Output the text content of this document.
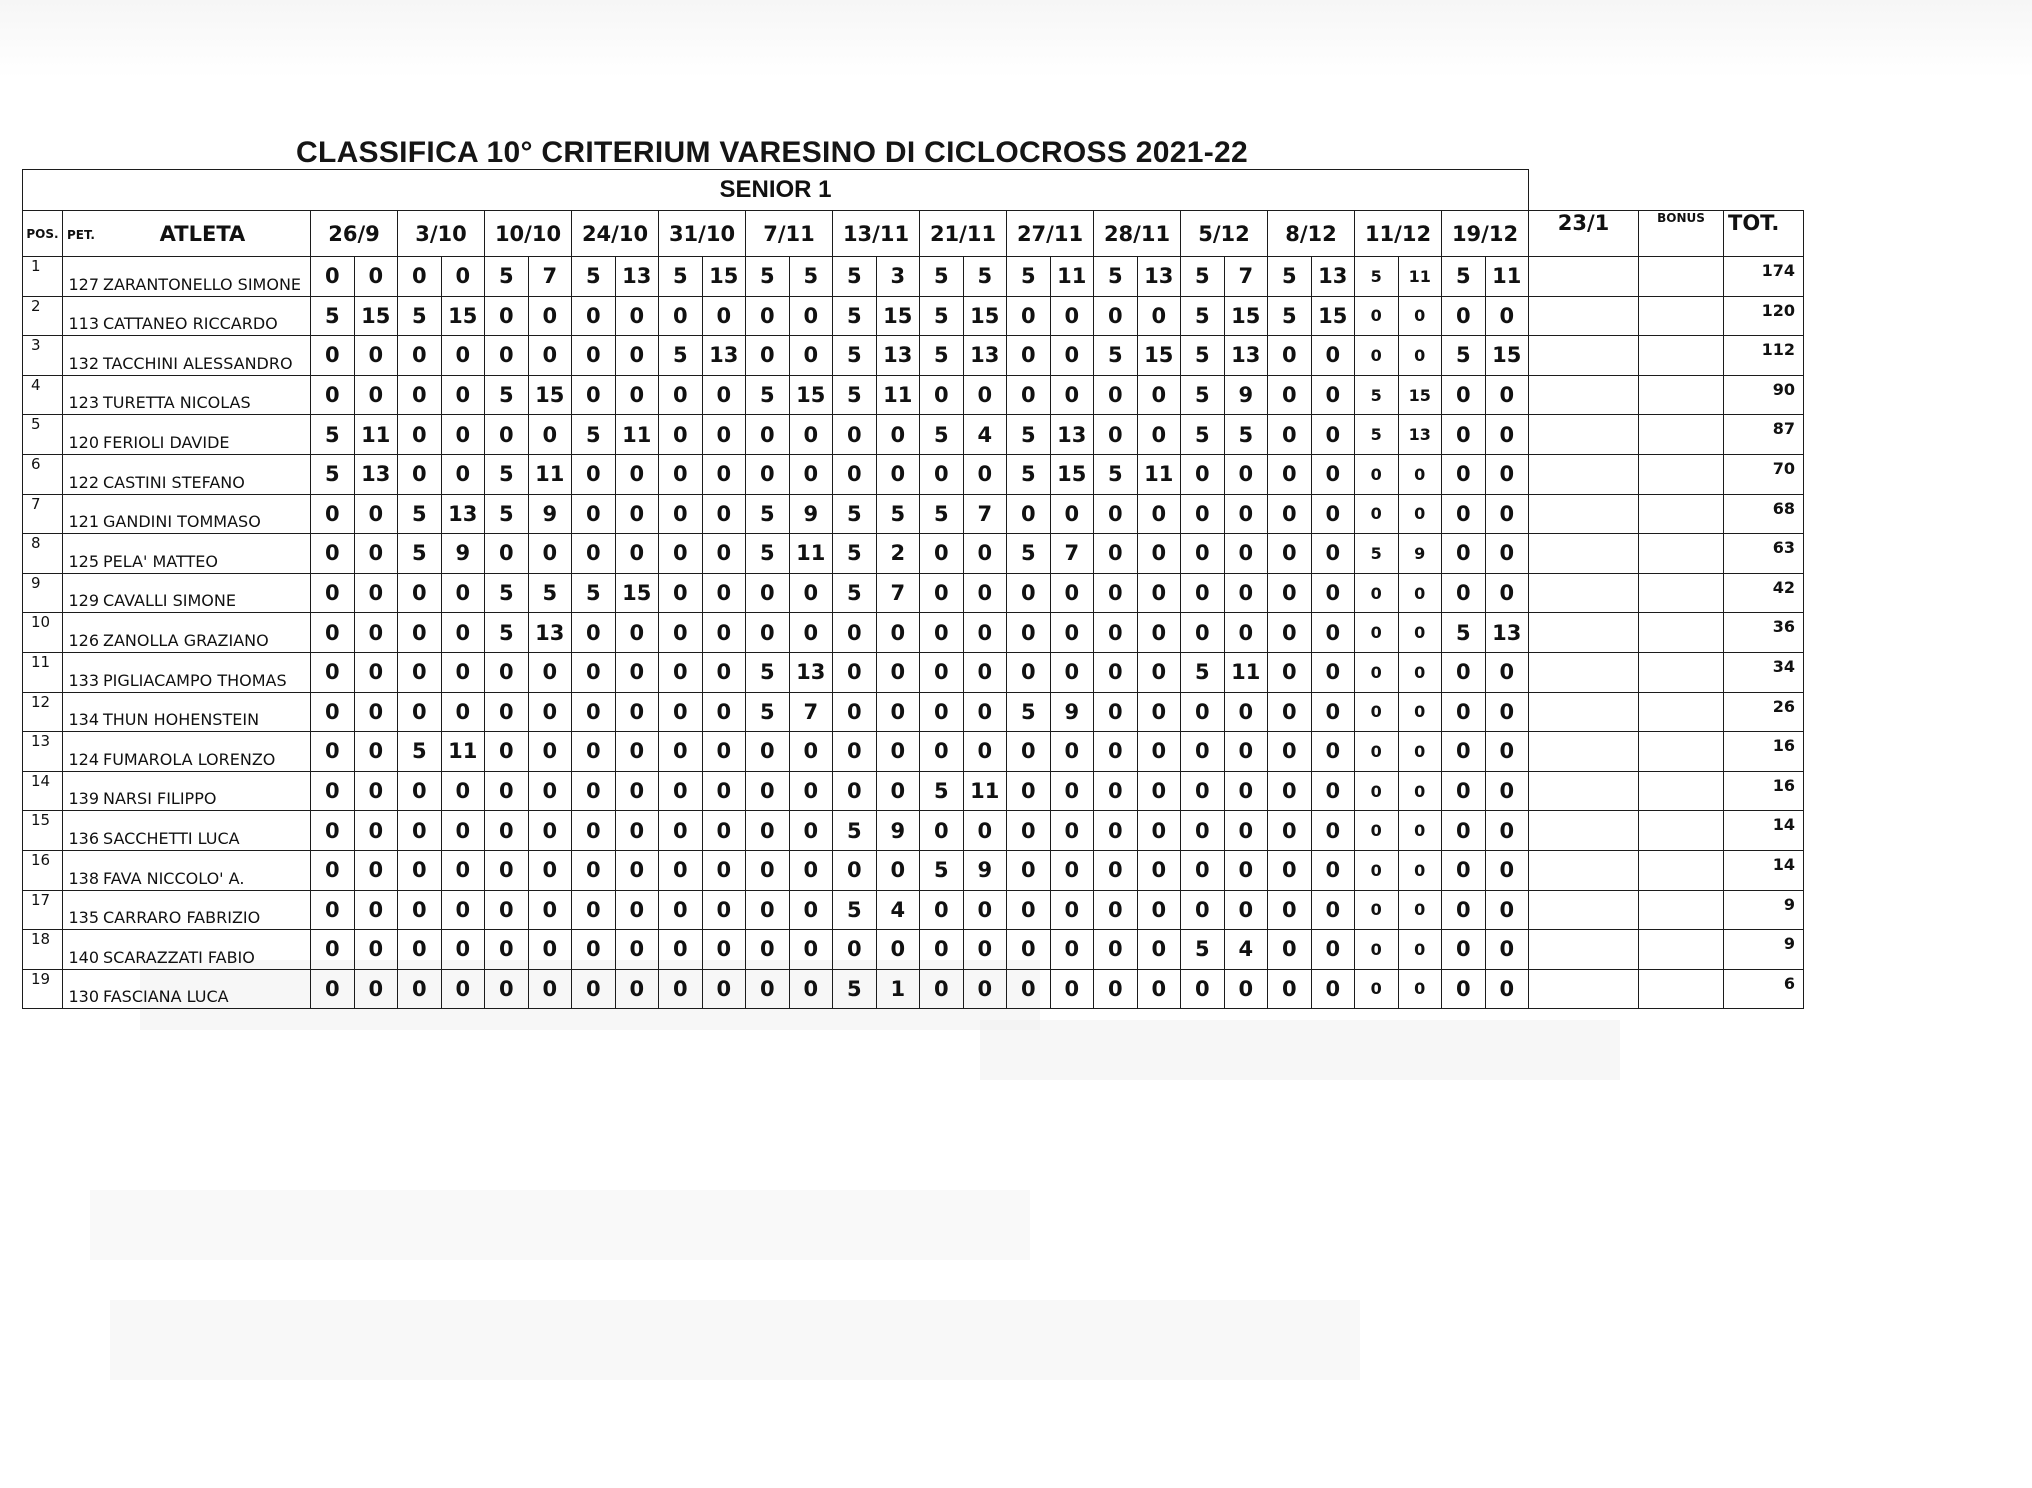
CLASSIFICA 10° CRITERIUM VARESINO DI CICLOCROSS 2021-22
SENIOR 1																																
POS.	PET. ATLETA	26/9		3/10		10/10		24/10		31/10		7/11		13/11		21/11		27/11		28/11		5/12		8/12		11/12		19/12		23/1	BONUS	TOT.
1	127 ZARANTONELLO SIMONE	0	0	0	0	5	7	5	13	5	15	5	5	5	3	5	5	5	11	5	13	5	7	5	13	5	11	5	11			174
2	113 CATTANEO RICCARDO	5	15	5	15	0	0	0	0	0	0	0	0	5	15	5	15	0	0	0	0	5	15	5	15	0	0	0	0			120
3	132 TACCHINI ALESSANDRO	0	0	0	0	0	0	0	0	5	13	0	0	5	13	5	13	0	0	5	15	5	13	0	0	0	0	5	15			112
4	123 TURETTA NICOLAS	0	0	0	0	5	15	0	0	0	0	5	15	5	11	0	0	0	0	0	0	5	9	0	0	5	15	0	0			90
5	120 FERIOLI DAVIDE	5	11	0	0	0	0	5	11	0	0	0	0	0	0	5	4	5	13	0	0	5	5	0	0	5	13	0	0			87
6	122 CASTINI STEFANO	5	13	0	0	5	11	0	0	0	0	0	0	0	0	0	0	5	15	5	11	0	0	0	0	0	0	0	0			70
7	121 GANDINI TOMMASO	0	0	5	13	5	9	0	0	0	0	5	9	5	5	5	7	0	0	0	0	0	0	0	0	0	0	0	0			68
8	125 PELA' MATTEO	0	0	5	9	0	0	0	0	0	0	5	11	5	2	0	0	5	7	0	0	0	0	0	0	5	9	0	0			63
9	129 CAVALLI SIMONE	0	0	0	0	5	5	5	15	0	0	0	0	5	7	0	0	0	0	0	0	0	0	0	0	0	0	0	0			42
10	126 ZANOLLA GRAZIANO	0	0	0	0	5	13	0	0	0	0	0	0	0	0	0	0	0	0	0	0	0	0	0	0	0	0	5	13			36
11	133 PIGLIACAMPO THOMAS	0	0	0	0	0	0	0	0	0	0	5	13	0	0	0	0	0	0	0	0	5	11	0	0	0	0	0	0			34
12	134 THUN HOHENSTEIN	0	0	0	0	0	0	0	0	0	0	5	7	0	0	0	0	5	9	0	0	0	0	0	0	0	0	0	0			26
13	124 FUMAROLA LORENZO	0	0	5	11	0	0	0	0	0	0	0	0	0	0	0	0	0	0	0	0	0	0	0	0	0	0	0	0			16
14	139 NARSI FILIPPO	0	0	0	0	0	0	0	0	0	0	0	0	0	0	5	11	0	0	0	0	0	0	0	0	0	0	0	0			16
15	136 SACCHETTI LUCA	0	0	0	0	0	0	0	0	0	0	0	0	5	9	0	0	0	0	0	0	0	0	0	0	0	0	0	0			14
16	138 FAVA NICCOLO' A.	0	0	0	0	0	0	0	0	0	0	0	0	0	0	5	9	0	0	0	0	0	0	0	0	0	0	0	0			14
17	135 CARRARO FABRIZIO	0	0	0	0	0	0	0	0	0	0	0	0	5	4	0	0	0	0	0	0	0	0	0	0	0	0	0	0			9
18	140 SCARAZZATI FABIO	0	0	0	0	0	0	0	0	0	0	0	0	0	0	0	0	0	0	0	0	5	4	0	0	0	0	0	0			9
19	130 FASCIANA LUCA	0	0	0	0	0	0	0	0	0	0	0	0	5	1	0	0	0	0	0	0	0	0	0	0	0	0	0	0			6
